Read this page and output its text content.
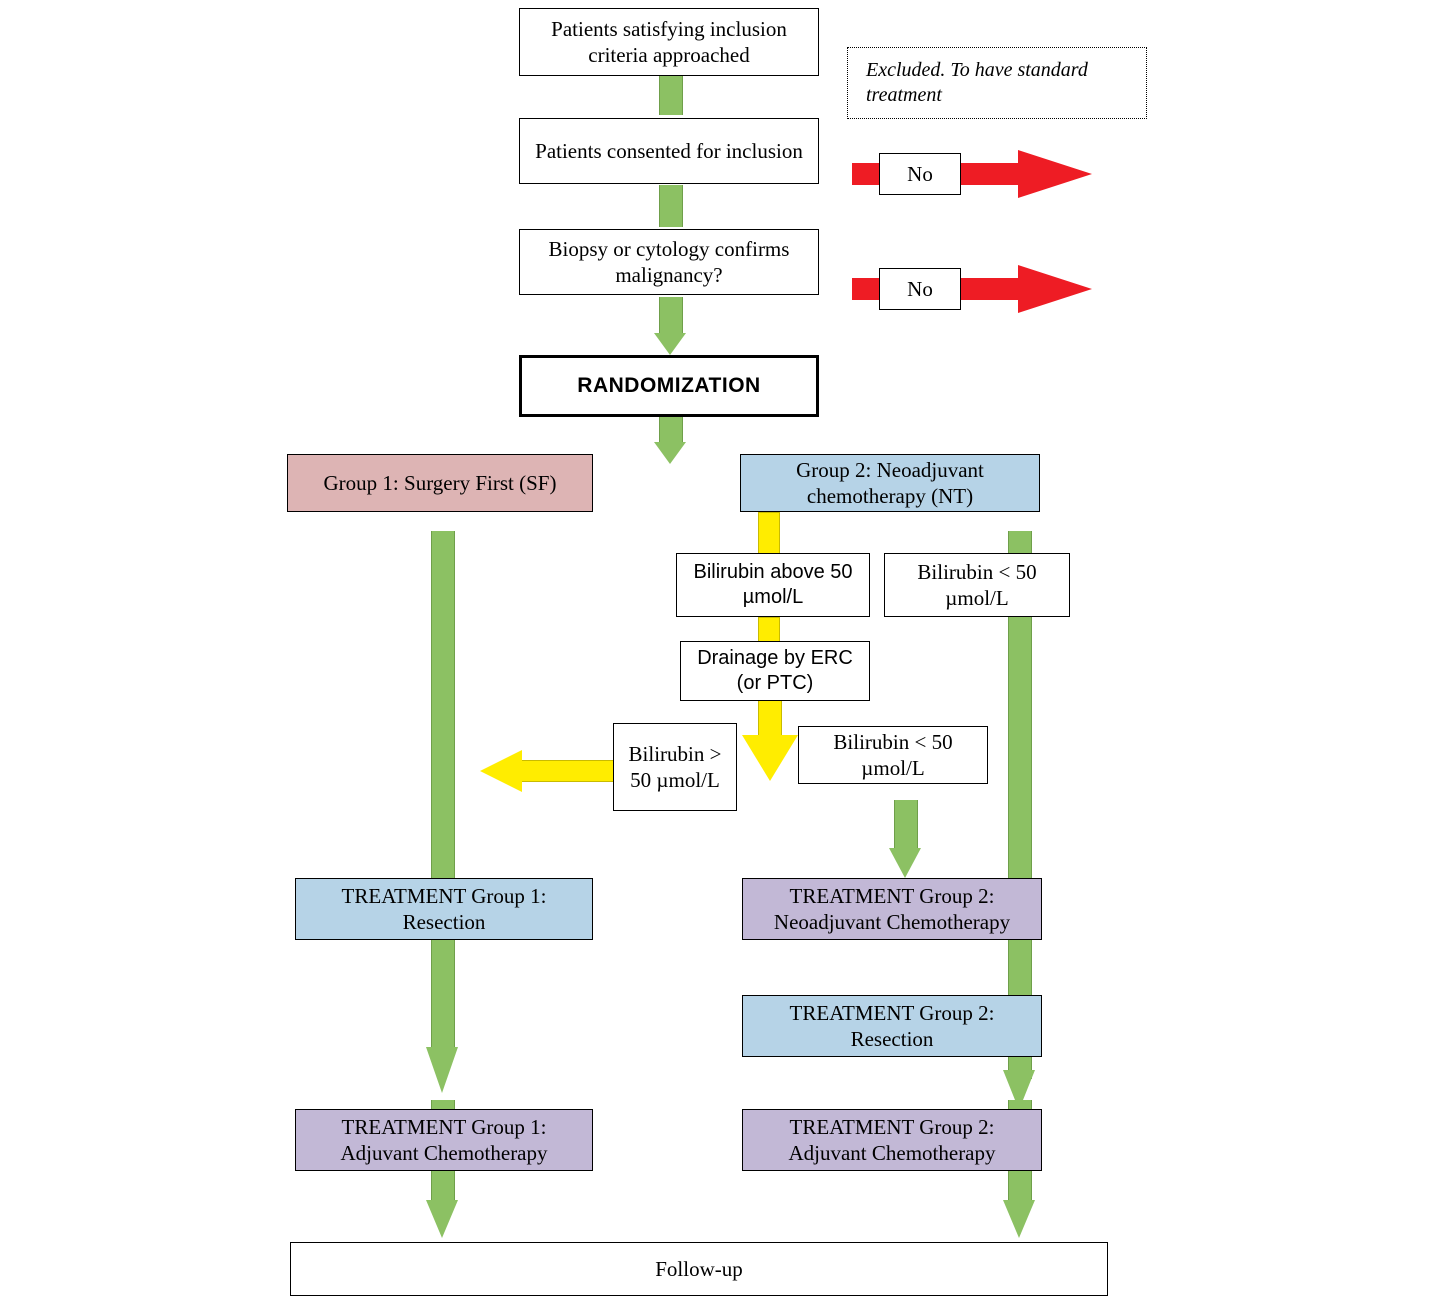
Patients satisfying inclusion criteria approached
Patients consented for inclusion
Biopsy or cytology confirms malignancy?
RANDOMIZATION
Excluded. To have standard treatment
No
No
Group 1: Surgery First (SF)
Group 2: Neoadjuvant chemotherapy (NT)
Bilirubin above 50 µmol/L
Bilirubin < 50 µmol/L
Drainage by ERC (or PTC)
Bilirubin > 50 µmol/L
Bilirubin < 50 µmol/L
TREATMENT Group 1: Resection
TREATMENT Group 2: Neoadjuvant Chemotherapy
TREATMENT Group 2: Resection
TREATMENT Group 1: Adjuvant Chemotherapy
TREATMENT Group 2: Adjuvant Chemotherapy
Follow-up
